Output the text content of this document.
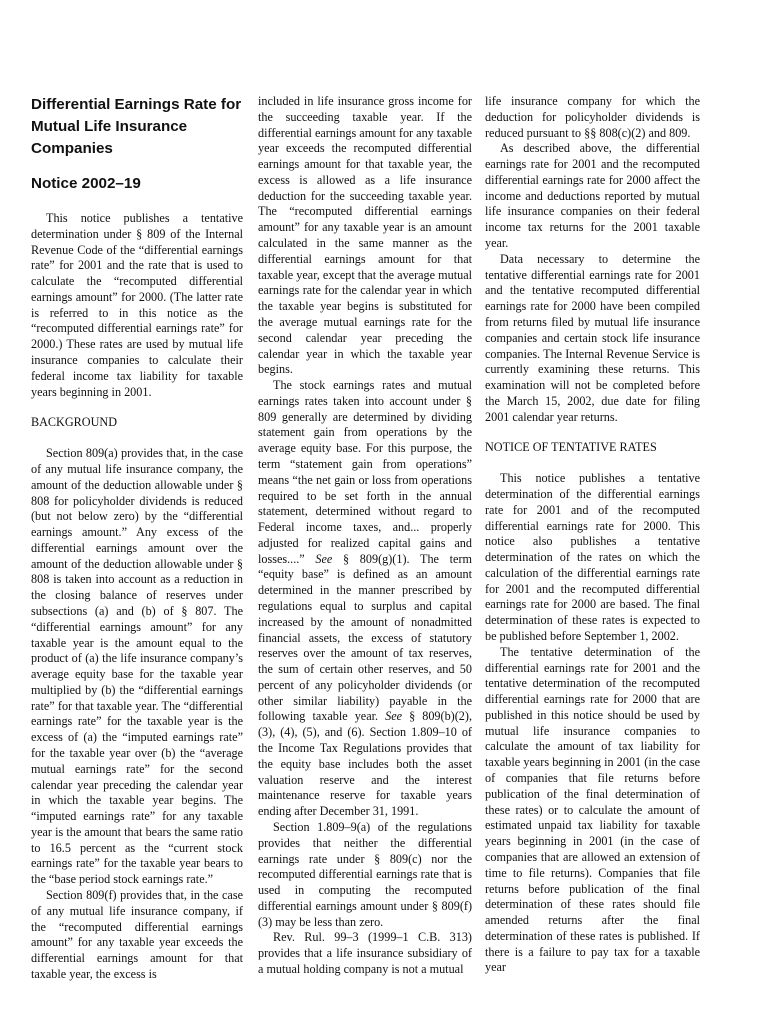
Differential Earnings Rate for
Mutual Life Insurance
Companies
Notice 2002–19

This notice publishes a tentative determination under § 809 of the Internal Revenue Code of the “differential earnings rate” for 2001 and the rate that is used to calculate the “recomputed differential earnings amount” for 2000. (The latter rate is referred to in this notice as the “recomputed differential earnings rate” for 2000.) These rates are used by mutual life insurance companies to calculate their federal income tax liability for taxable years beginning in 2001.

BACKGROUND

Section 809(a) provides that, in the case of any mutual life insurance company, the amount of the deduction allowable under § 808 for policyholder dividends is reduced (but not below zero) by the “differential earnings amount.” Any excess of the differential earnings amount over the amount of the deduction allowable under § 808 is taken into account as a reduction in the closing balance of reserves under subsections (a) and (b) of § 807. The “differential earnings amount” for any taxable year is the amount equal to the product of (a) the life insurance company’s average equity base for the taxable year multiplied by (b) the “differential earnings rate” for that taxable year. The “differential earnings rate” for the taxable year is the excess of (a) the “imputed earnings rate” for the taxable year over (b) the “average mutual earnings rate” for the second calendar year preceding the calendar year in which the taxable year begins. The “imputed earnings rate” for any taxable year is the amount that bears the same ratio to 16.5 percent as the “current stock earnings rate” for the taxable year bears to the “base period stock earnings rate.”

Section 809(f) provides that, in the case of any mutual life insurance company, if the “recomputed differential earnings amount” for any taxable year exceeds the differential earnings amount for that taxable year, the excess is

included in life insurance gross income for the succeeding taxable year. If the differential earnings amount for any taxable year exceeds the recomputed differential earnings amount for that taxable year, the excess is allowed as a life insurance deduction for the succeeding taxable year. The “recomputed differential earnings amount” for any taxable year is an amount calculated in the same manner as the differential earnings amount for that taxable year, except that the average mutual earnings rate for the calendar year in which the taxable year begins is substituted for the average mutual earnings rate for the second calendar year preceding the calendar year in which the taxable year begins.

The stock earnings rates and mutual earnings rates taken into account under § 809 generally are determined by dividing statement gain from operations by the average equity base. For this purpose, the term “statement gain from operations” means “the net gain or loss from operations required to be set forth in the annual statement, determined without regard to Federal income taxes, and... properly adjusted for realized capital gains and losses....” See § 809(g)(1). The term “equity base” is defined as an amount determined in the manner prescribed by regulations equal to surplus and capital increased by the amount of nonadmitted financial assets, the excess of statutory reserves over the amount of tax reserves, the sum of certain other reserves, and 50 percent of any policyholder dividends (or other similar liability) payable in the following taxable year. See § 809(b)(2), (3), (4), (5), and (6). Section 1.809–10 of the Income Tax Regulations provides that the equity base includes both the asset valuation reserve and the interest maintenance reserve for taxable years ending after December 31, 1991.

Section 1.809–9(a) of the regulations provides that neither the differential earnings rate under § 809(c) nor the recomputed differential earnings rate that is used in computing the recomputed differential earnings amount under § 809(f)(3) may be less than zero.

Rev. Rul. 99–3 (1999–1 C.B. 313) provides that a life insurance subsidiary of a mutual holding company is not a mutual

life insurance company for which the deduction for policyholder dividends is reduced pursuant to §§ 808(c)(2) and 809.

As described above, the differential earnings rate for 2001 and the recomputed differential earnings rate for 2000 affect the income and deductions reported by mutual life insurance companies on their federal income tax returns for the 2001 taxable year.

Data necessary to determine the tentative differential earnings rate for 2001 and the tentative recomputed differential earnings rate for 2000 have been compiled from returns filed by mutual life insurance companies and certain stock life insurance companies. The Internal Revenue Service is currently examining these returns. This examination will not be completed before the March 15, 2002, due date for filing 2001 calendar year returns.

NOTICE OF TENTATIVE RATES

This notice publishes a tentative determination of the differential earnings rate for 2001 and of the recomputed differential earnings rate for 2000. This notice also publishes a tentative determination of the rates on which the calculation of the differential earnings rate for 2001 and the recomputed differential earnings rate for 2000 are based. The final determination of these rates is expected to be published before September 1, 2002.

The tentative determination of the differential earnings rate for 2001 and the tentative determination of the recomputed differential earnings rate for 2000 that are published in this notice should be used by mutual life insurance companies to calculate the amount of tax liability for taxable years beginning in 2001 (in the case of companies that file returns before publication of the final determination of these rates) or to calculate the amount of estimated unpaid tax liability for taxable years beginning in 2001 (in the case of companies that are allowed an extension of time to file returns). Companies that file returns before publication of the final determination of these rates should file amended returns after the final determination of these rates is published. If there is a failure to pay tax for a taxable year
